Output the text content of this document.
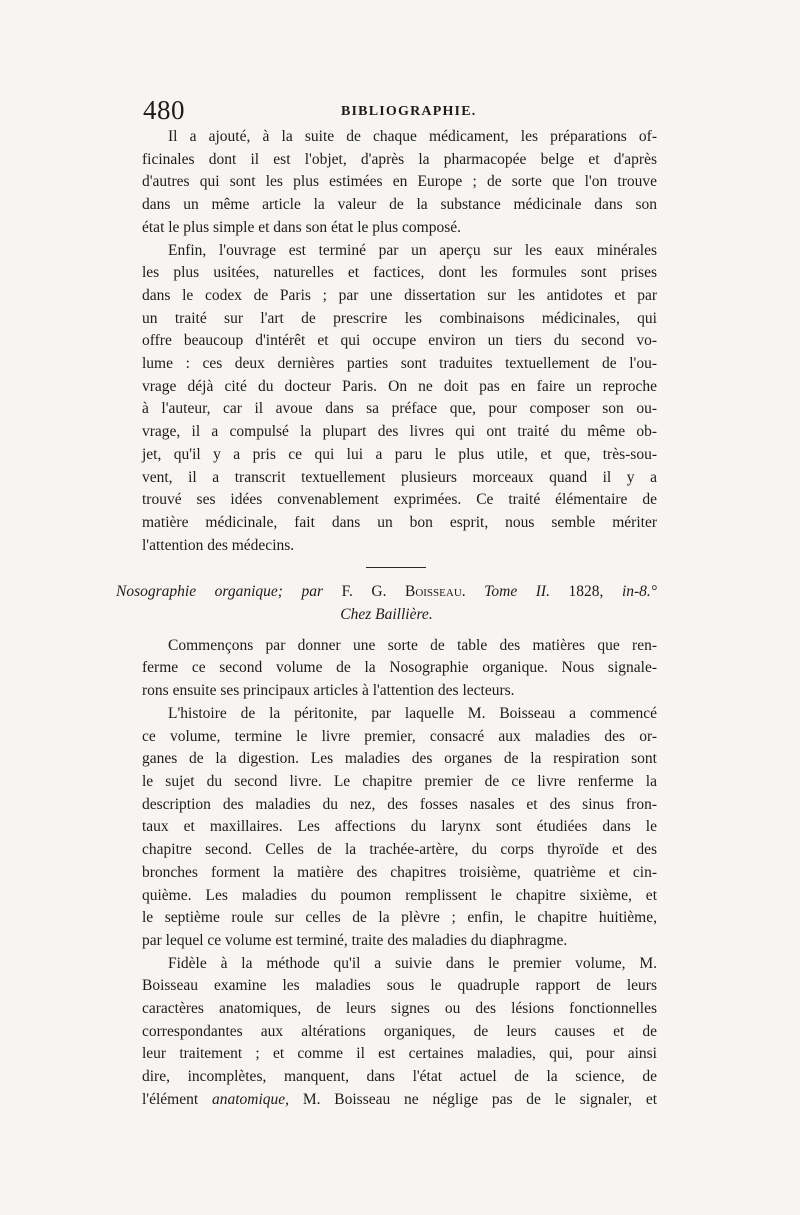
480	BIBLIOGRAPHIE.

Il a ajouté, à la suite de chaque médicament, les préparations of-
ficinales dont il est l'objet, d'après la pharmacopée belge et d'après
d'autres qui sont les plus estimées en Europe ; de sorte que l'on trouve
dans un même article la valeur de la substance médicinale dans son
état le plus simple et dans son état le plus composé.

Enfin, l'ouvrage est terminé par un aperçu sur les eaux minérales
les plus usitées, naturelles et factices, dont les formules sont prises
dans le codex de Paris ; par une dissertation sur les antidotes et par
un traité sur l'art de prescrire les combinaisons médicinales, qui
offre beaucoup d'intérêt et qui occupe environ un tiers du second vo-
lume : ces deux dernières parties sont traduites textuellement de l'ou-
vrage déjà cité du docteur Paris. On ne doit pas en faire un reproche
à l'auteur, car il avoue dans sa préface que, pour composer son ou-
vrage, il a compulsé la plupart des livres qui ont traité du même ob-
jet, qu'il y a pris ce qui lui a paru le plus utile, et que, très-sou-
vent, il a transcrit textuellement plusieurs morceaux quand il y a
trouvé ses idées convenablement exprimées. Ce traité élémentaire de
matière médicinale, fait dans un bon esprit, nous semble mériter
l'attention des médecins.

Nosographie organique; par F. G. Boisseau. Tome II. 1828, in-8.°
Chez Baillière.

Commençons par donner une sorte de table des matières que ren-
ferme ce second volume de la Nosographie organique. Nous signale-
rons ensuite ses principaux articles à l'attention des lecteurs.

L'histoire de la péritonite, par laquelle M. Boisseau a commencé
ce volume, termine le livre premier, consacré aux maladies des or-
ganes de la digestion. Les maladies des organes de la respiration sont
le sujet du second livre. Le chapitre premier de ce livre renferme la
description des maladies du nez, des fosses nasales et des sinus fron-
taux et maxillaires. Les affections du larynx sont étudiées dans le
chapitre second. Celles de la trachée-artère, du corps thyroïde et des
bronches forment la matière des chapitres troisième, quatrième et cin-
quième. Les maladies du poumon remplissent le chapitre sixième, et
le septième roule sur celles de la plèvre ; enfin, le chapitre huitième,
par lequel ce volume est terminé, traite des maladies du diaphragme.

Fidèle à la méthode qu'il a suivie dans le premier volume, M.
Boisseau examine les maladies sous le quadruple rapport de leurs
caractères anatomiques, de leurs signes ou des lésions fonctionnelles
correspondantes aux altérations organiques, de leurs causes et de
leur traitement ; et comme il est certaines maladies, qui, pour ainsi
dire, incomplètes, manquent, dans l'état actuel de la science, de
l'élément anatomique, M. Boisseau ne néglige pas de le signaler, et
